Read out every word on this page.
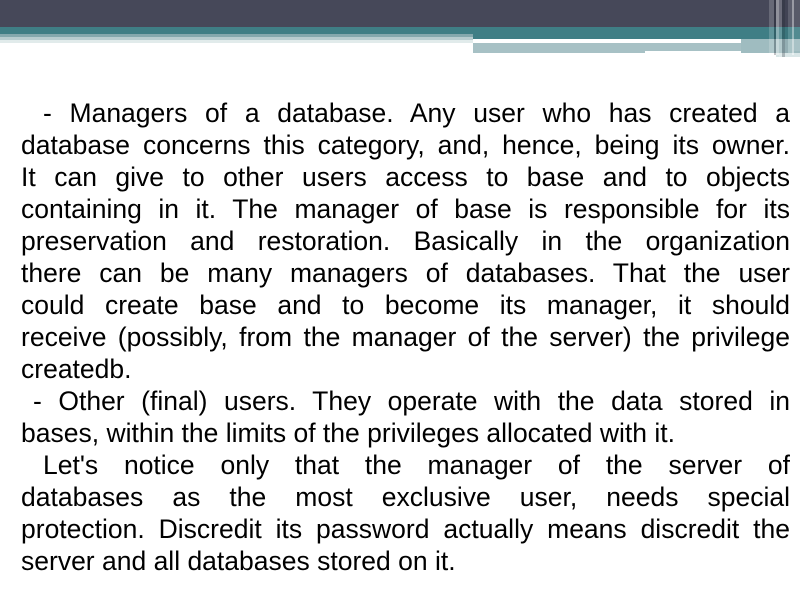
- Managers of a database. Any user who has created a
database concerns this category, and, hence, being its owner.
It can give to other users access to base and to objects
containing in it. The manager of base is responsible for its
preservation and restoration. Basically in the organization
there can be many managers of databases. That the user
could create base and to become its manager, it should
receive (possibly, from the manager of the server) the privilege
createdb.
- Other (final) users. They operate with the data stored in
bases, within the limits of the privileges allocated with it.
Let's notice only that the manager of the server of
databases as the most exclusive user, needs special
protection. Discredit its password actually means discredit the
server and all databases stored on it.
